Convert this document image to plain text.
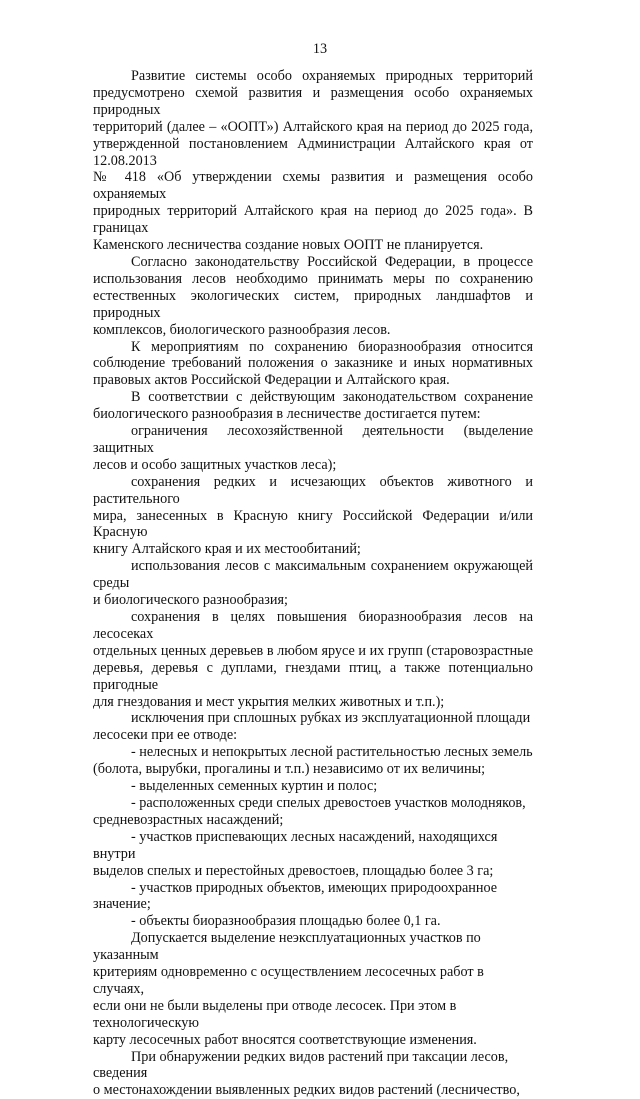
13

Развитие системы особо охраняемых природных территорий

предусмотрено схемой развития и размещения особо охраняемых природных

территорий (далее – «ООПТ») Алтайского края на период до 2025 года,

утвержденной постановлением Администрации Алтайского края от

12.08.2013

№ 418 «Об утверждении схемы развития и размещения особо охраняемых

природных территорий Алтайского края на период до 2025 года». В границах

Каменского лесничества создание новых ООПТ не планируется.

Согласно законодательству Российской Федерации, в процессе

использования лесов необходимо принимать меры по сохранению

естественных экологических систем, природных ландшафтов и природных

комплексов, биологического разнообразия лесов.

К мероприятиям по сохранению биоразнообразия относится

соблюдение требований положения о заказнике и иных нормативных

правовых актов Российской Федерации и Алтайского края.

В соответствии с действующим законодательством сохранение

биологического разнообразия в лесничестве достигается путем:

ограничения лесохозяйственной деятельности (выделение защитных

лесов и особо защитных участков леса);

сохранения редких и исчезающих объектов животного и растительного

мира, занесенных в Красную книгу Российской Федерации и/или Красную

книгу Алтайского края и их местообитаний;

использования лесов с максимальным сохранением окружающей среды

и биологического разнообразия;

сохранения в целях повышения биоразнообразия лесов на лесосеках

отдельных ценных деревьев в любом ярусе и их групп (старовозрастные

деревья, деревья с дуплами, гнездами птиц, а также потенциально пригодные

для гнездования и мест укрытия мелких животных и т.п.);

исключения при сплошных рубках из эксплуатационной площади

лесосеки при ее отводе:

- нелесных и непокрытых лесной растительностью лесных земель

(болота, вырубки, прогалины и т.п.) независимо от их величины;

- выделенных семенных куртин и полос;

- расположенных среди спелых древостоев участков молодняков,

средневозрастных насаждений;

- участков приспевающих лесных насаждений, находящихся внутри

выделов спелых и перестойных древостоев, площадью более 3 га;

- участков природных объектов, имеющих природоохранное значение;

- объекты биоразнообразия площадью более 0,1 га.

Допускается выделение неэксплуатационных участков по указанным

критериям одновременно с осуществлением лесосечных работ в случаях,

если они не были выделены при отводе лесосек. При этом в технологическую

карту лесосечных работ вносятся соответствующие изменения.

При обнаружении редких видов растений при таксации лесов, сведения

о местонахождении выявленных редких видов растений (лесничество,
